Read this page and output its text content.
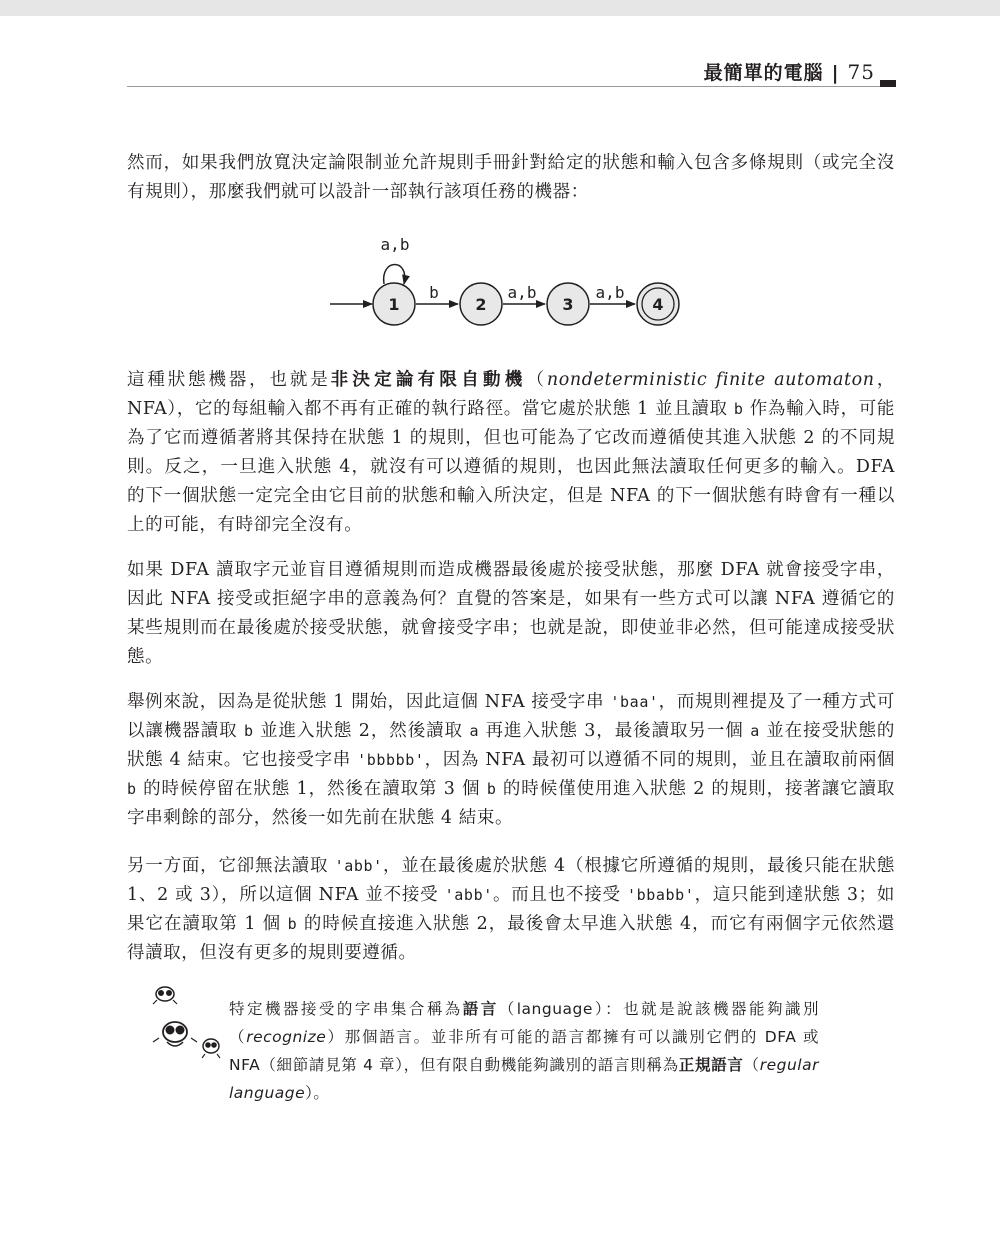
最簡單的電腦 | 75
然而，如果我們放寬決定論限制並允許規則手冊針對給定的狀態和輸入包含多條規則（或完全沒有規則），那麼我們就可以設計一部執行該項任務的機器：
a,b
b	a,b	a,b
1	2	3	4
這種狀態機器，也就是非決定論有限自動機（nondeterministic finite automaton，NFA），它的每組輸入都不再有正確的執行路徑。當它處於狀態 1 並且讀取 b 作為輸入時，可能為了它而遵循著將其保持在狀態 1 的規則，但也可能為了它改而遵循使其進入狀態 2 的不同規則。反之，一旦進入狀態 4，就沒有可以遵循的規則，也因此無法讀取任何更多的輸入。DFA 的下一個狀態一定完全由它目前的狀態和輸入所決定，但是 NFA 的下一個狀態有時會有一種以上的可能，有時卻完全沒有。
如果 DFA 讀取字元並盲目遵循規則而造成機器最後處於接受狀態，那麼 DFA 就會接受字串，因此 NFA 接受或拒絕字串的意義為何？直覺的答案是，如果有一些方式可以讓 NFA 遵循它的某些規則而在最後處於接受狀態，就會接受字串；也就是說，即使並非必然，但可能達成接受狀態。
舉例來說，因為是從狀態 1 開始，因此這個 NFA 接受字串 'baa'，而規則裡提及了一種方式可以讓機器讀取 b 並進入狀態 2，然後讀取 a 再進入狀態 3，最後讀取另一個 a 並在接受狀態的狀態 4 結束。它也接受字串 'bbbbb'，因為 NFA 最初可以遵循不同的規則，並且在讀取前兩個 b 的時候停留在狀態 1，然後在讀取第 3 個 b 的時候僅使用進入狀態 2 的規則，接著讓它讀取字串剩餘的部分，然後一如先前在狀態 4 結束。
另一方面，它卻無法讀取 'abb'，並在最後處於狀態 4（根據它所遵循的規則，最後只能在狀態 1、2 或 3），所以這個 NFA 並不接受 'abb'。而且也不接受 'bbabb'，這只能到達狀態 3；如果它在讀取第 1 個 b 的時候直接進入狀態 2，最後會太早進入狀態 4，而它有兩個字元依然還得讀取，但沒有更多的規則要遵循。
特定機器接受的字串集合稱為語言（language）：也就是說該機器能夠識別（recognize）那個語言。並非所有可能的語言都擁有可以識別它們的 DFA 或 NFA（細節請見第 4 章），但有限自動機能夠識別的語言則稱為正規語言（regular language）。
